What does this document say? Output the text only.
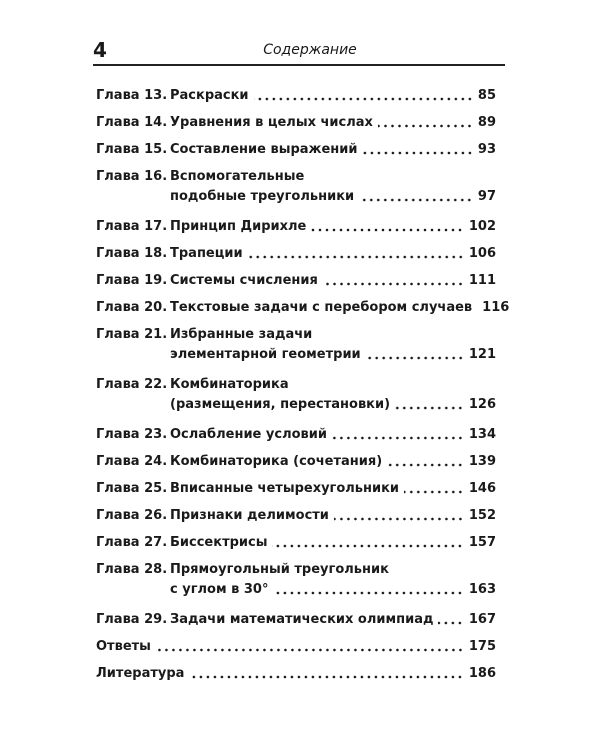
4	Содержание
Глава 13. Раскраски	85
Глава 14. Уравнения в целых числах	89
Глава 15. Составление выражений	93
Глава 16. Вспомогательные
подобные треугольники	97
Глава 17. Принцип Дирихле	102
Глава 18. Трапеции	106
Глава 19. Системы счисления	111
Глава 20. Текстовые задачи с перебором случаев 116
Глава 21. Избранные задачи
элементарной геометрии	121
Глава 22. Комбинаторика
(размещения, перестановки)	126
Глава 23. Ослабление условий	134
Глава 24. Комбинаторика (сочетания)	139
Глава 25. Вписанные четырехугольники	146
Глава 26. Признаки делимости	152
Глава 27. Биссектрисы	157
Глава 28. Прямоугольный треугольник
с углом в 30°	163
Глава 29. Задачи математических олимпиад	167
Ответы	175
Литература	186
